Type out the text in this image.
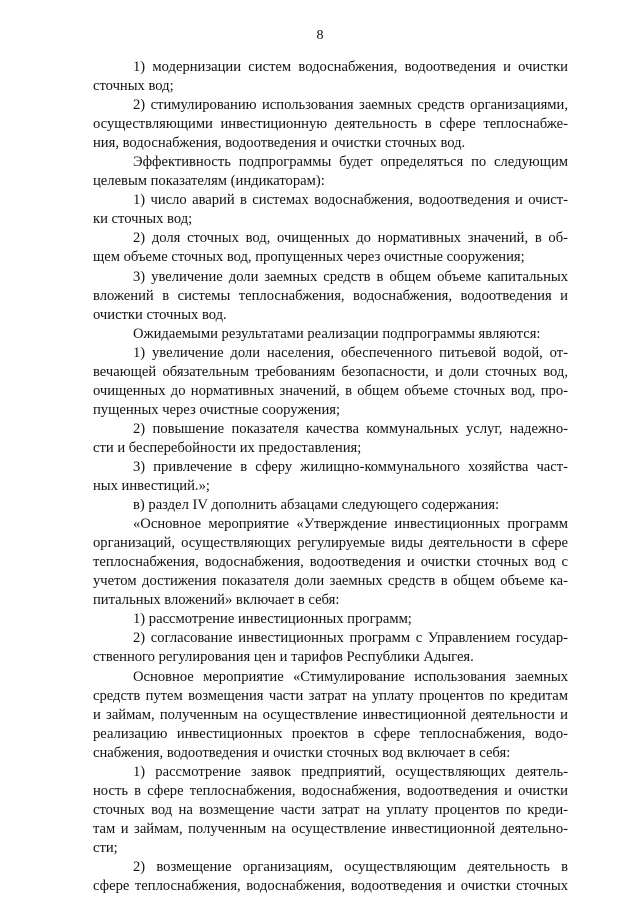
8
1) модернизации систем водоснабжения, водоотведения и очистки
сточных вод;
2) стимулированию использования заемных средств организациями,
осуществляющими инвестиционную деятельность в сфере теплоснабже-
ния, водоснабжения, водоотведения и очистки сточных вод.
Эффективность подпрограммы будет определяться по следующим
целевым показателям (индикаторам):
1) число аварий в системах водоснабжения, водоотведения и очист-
ки сточных вод;
2) доля сточных вод, очищенных до нормативных значений, в об-
щем объеме сточных вод, пропущенных через очистные сооружения;
3) увеличение доли заемных средств в общем объеме капитальных
вложений в системы теплоснабжения, водоснабжения, водоотведения и
очистки сточных вод.
Ожидаемыми результатами реализации подпрограммы являются:
1) увеличение доли населения, обеспеченного питьевой водой, от-
вечающей обязательным требованиям безопасности, и доли сточных вод,
очищенных до нормативных значений, в общем объеме сточных вод, про-
пущенных через очистные сооружения;
2) повышение показателя качества коммунальных услуг, надежно-
сти и бесперебойности их предоставления;
3) привлечение в сферу жилищно-коммунального хозяйства част-
ных инвестиций.»;
в) раздел IV дополнить абзацами следующего содержания:
«Основное мероприятие «Утверждение инвестиционных программ
организаций, осуществляющих регулируемые виды деятельности в сфере
теплоснабжения, водоснабжения, водоотведения и очистки сточных вод с
учетом достижения показателя доли заемных средств в общем объеме ка-
питальных вложений» включает в себя:
1) рассмотрение инвестиционных программ;
2) согласование инвестиционных программ с Управлением государ-
ственного регулирования цен и тарифов Республики Адыгея.
Основное мероприятие «Стимулирование использования заемных
средств путем возмещения части затрат на уплату процентов по кредитам
и займам, полученным на осуществление инвестиционной деятельности и
реализацию инвестиционных проектов в сфере теплоснабжения, водо-
снабжения, водоотведения и очистки сточных вод включает в себя:
1) рассмотрение заявок предприятий, осуществляющих деятель-
ность в сфере теплоснабжения, водоснабжения, водоотведения и очистки
сточных вод на возмещение части затрат на уплату процентов по креди-
там и займам, полученным на осуществление инвестиционной деятельно-
сти;
2) возмещение организациям, осуществляющим деятельность в
сфере теплоснабжения, водоснабжения, водоотведения и очистки сточных
